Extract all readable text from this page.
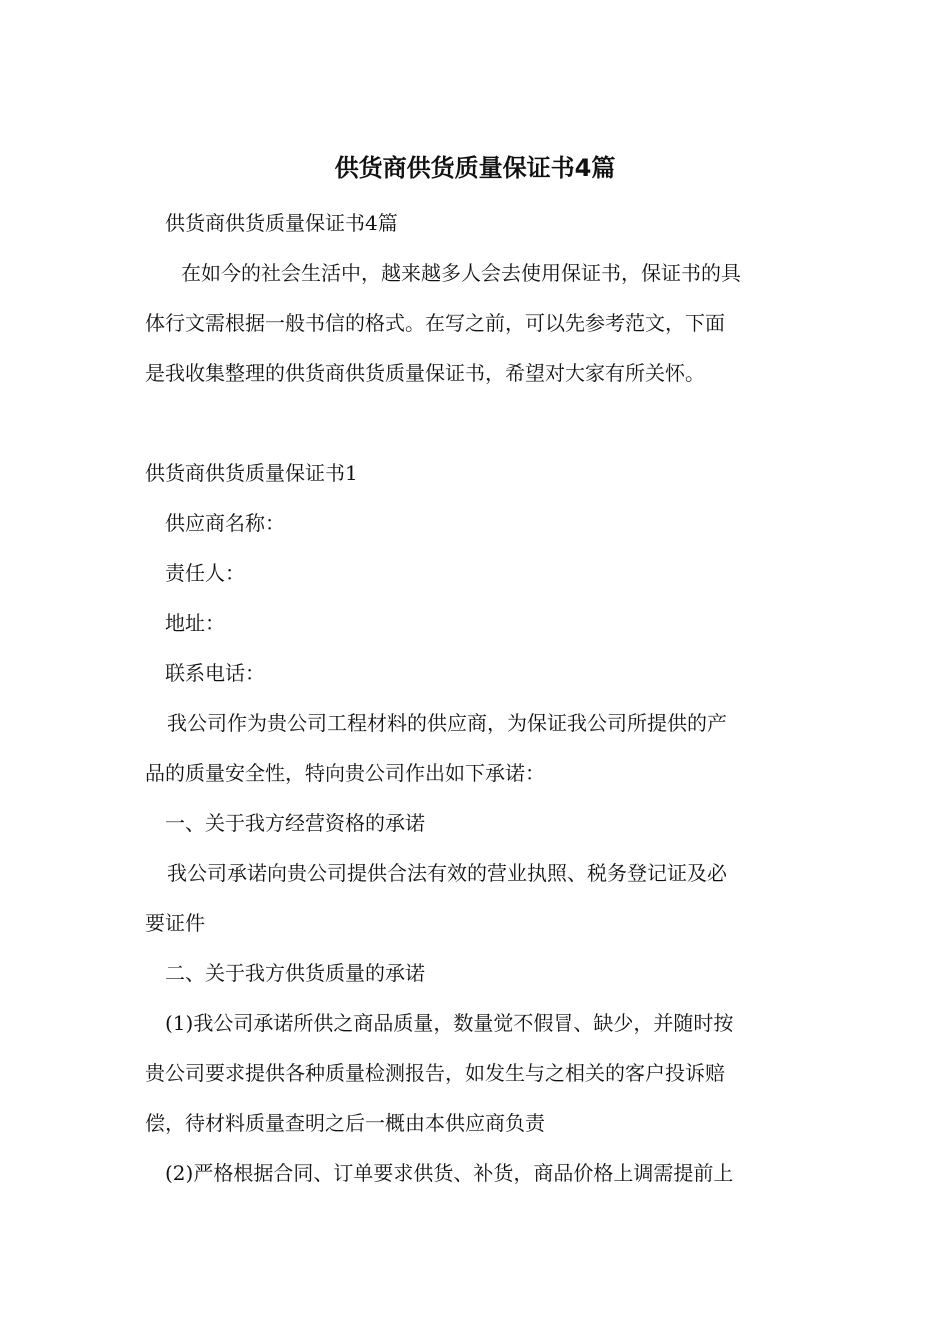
供货商供货质量保证书4篇

供货商供货质量保证书4篇

在如今的社会生活中，越来越多人会去使用保证书，保证书的具

体行文需根据一般书信的格式。在写之前，可以先参考范文，下面

是我收集整理的供货商供货质量保证书，希望对大家有所关怀。

供货商供货质量保证书1

供应商名称：

责任人：

地址：

联系电话：

我公司作为贵公司工程材料的供应商，为保证我公司所提供的产

品的质量安全性，特向贵公司作出如下承诺：

一、关于我方经营资格的承诺

我公司承诺向贵公司提供合法有效的营业执照、税务登记证及必

要证件

二、关于我方供货质量的承诺

(1)我公司承诺所供之商品质量，数量觉不假冒、缺少，并随时按

贵公司要求提供各种质量检测报告，如发生与之相关的客户投诉赔

偿，待材料质量查明之后一概由本供应商负责

(2)严格根据合同、订单要求供货、补货，商品价格上调需提前上
